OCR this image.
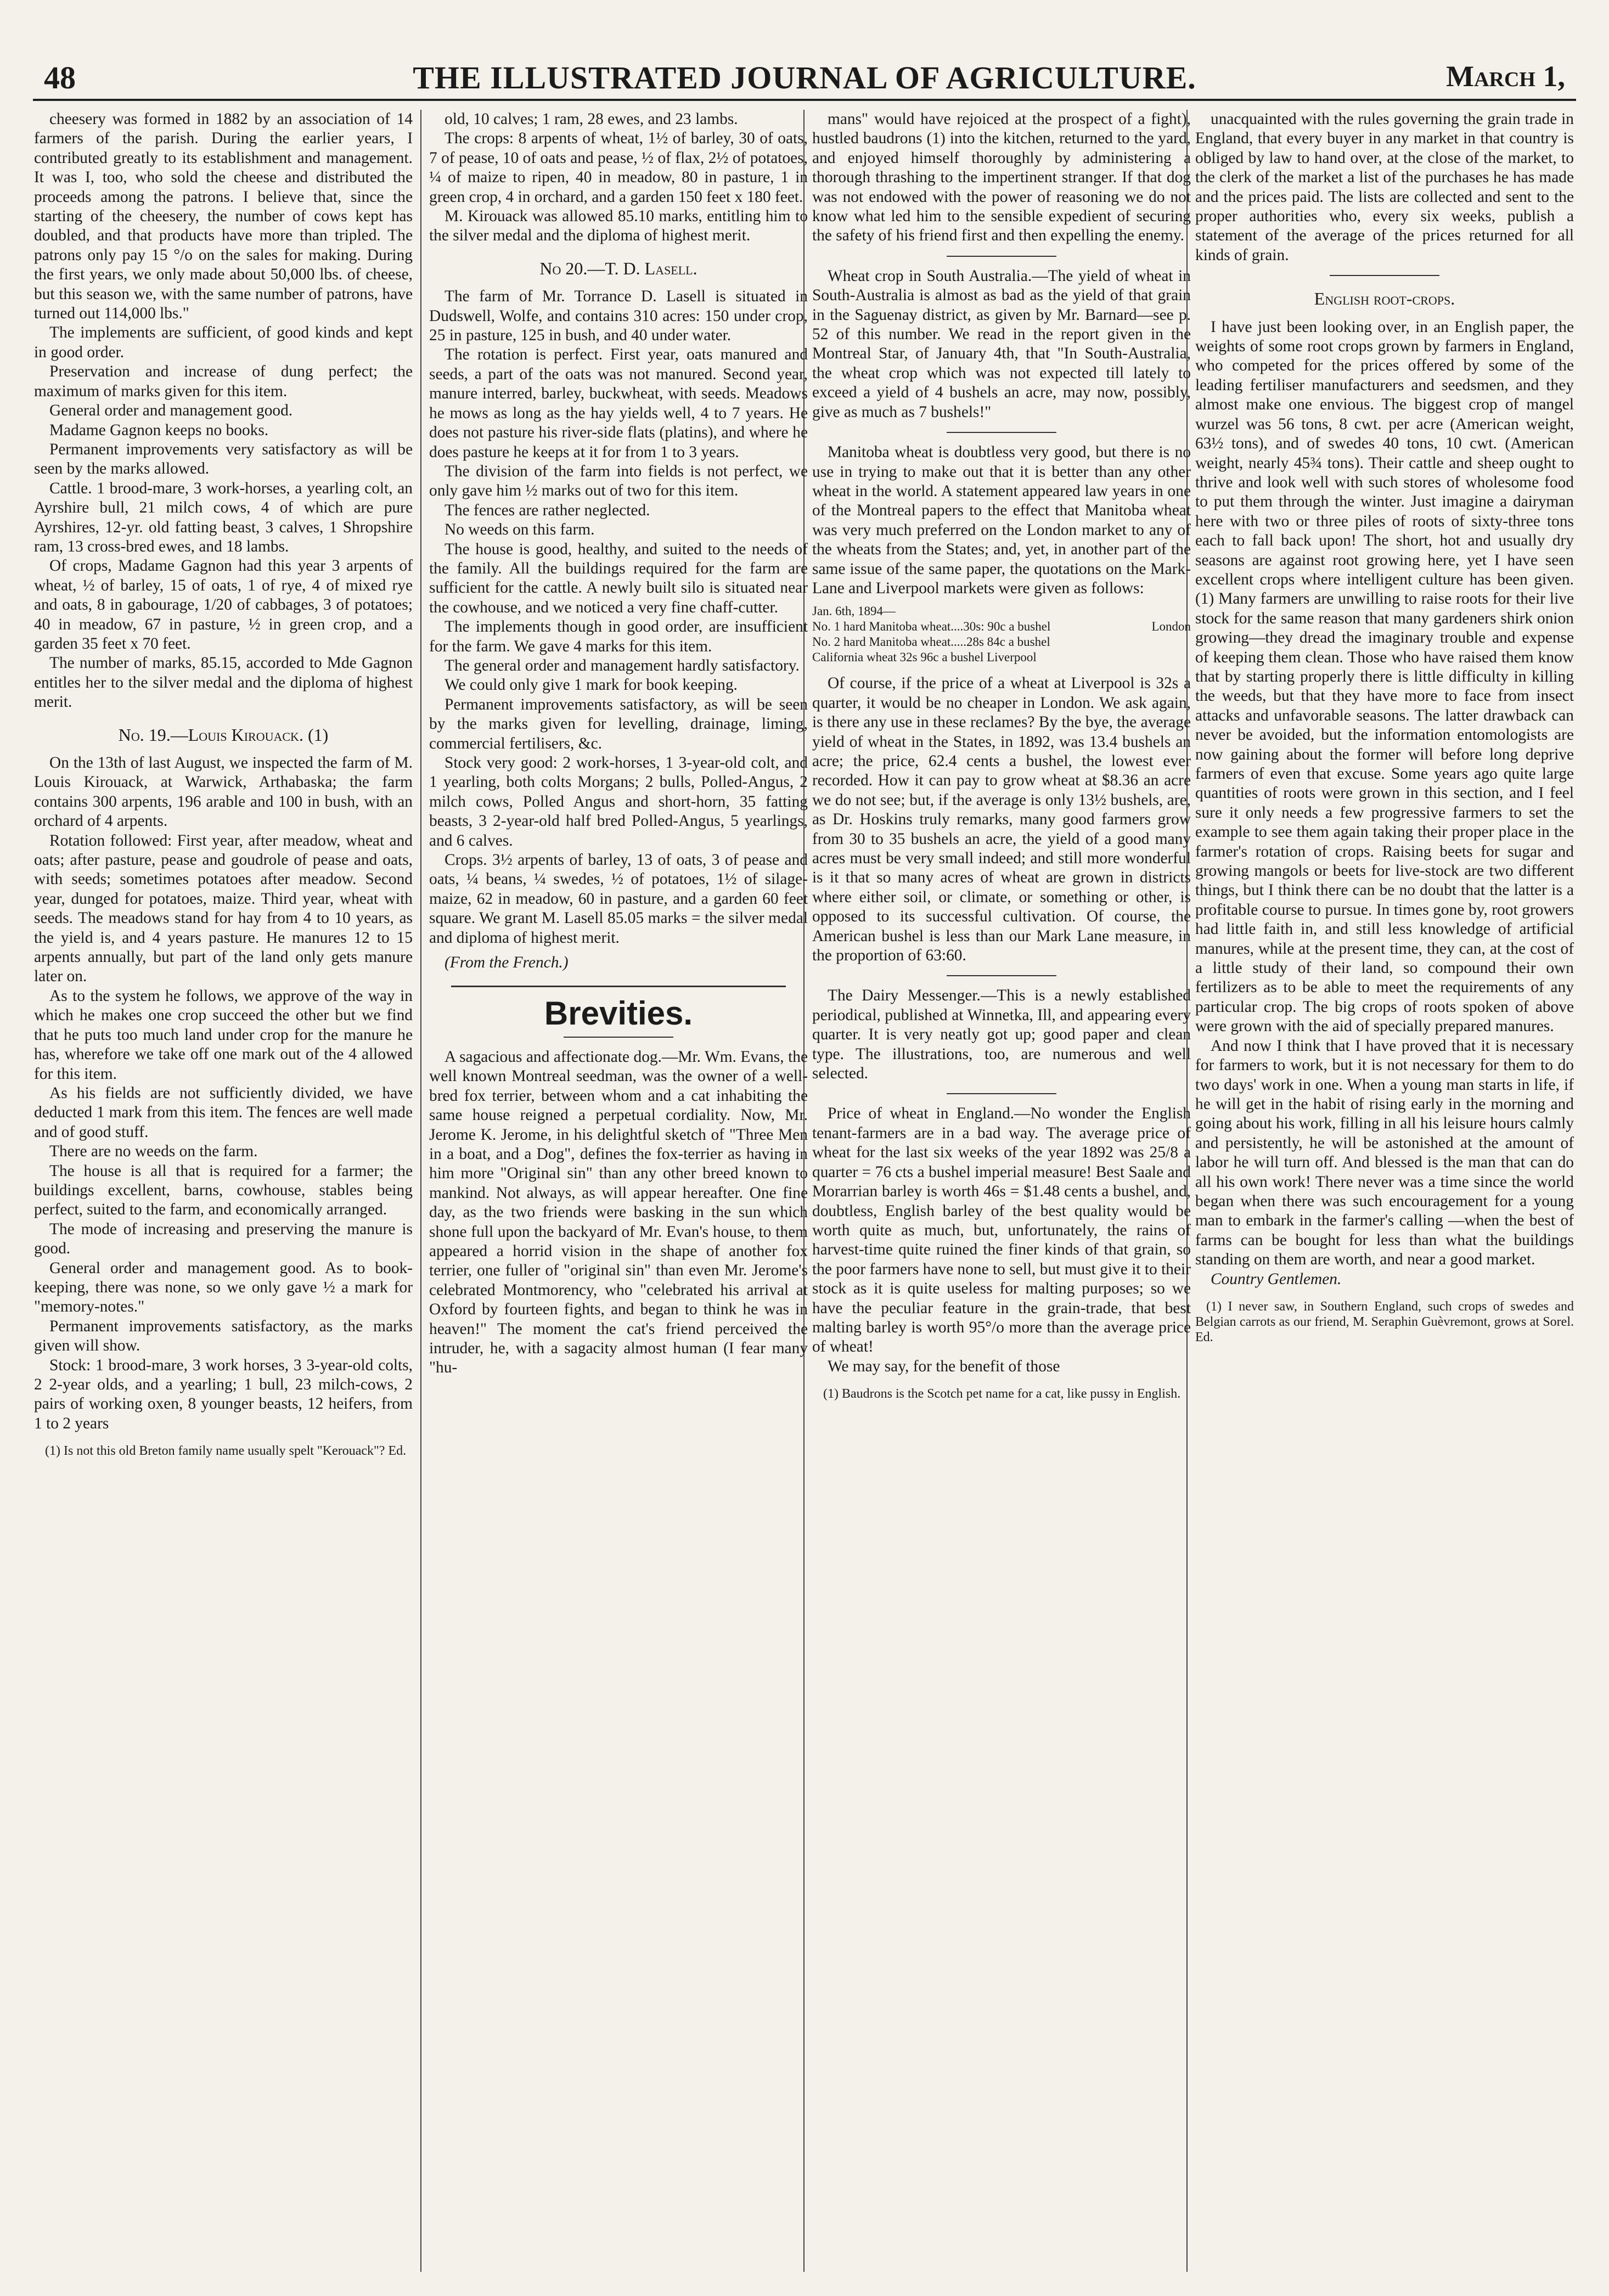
48	THE ILLUSTRATED JOURNAL OF AGRICULTURE.	March 1,

cheesery was formed in 1882 by an association of 14 farmers of the parish. During the earlier years, I contributed greatly to its establishment and management. It was I, too, who sold the cheese and distributed the proceeds among the patrons. I believe that, since the starting of the cheesery, the number of cows kept has doubled, and that products have more than tripled. The patrons only pay 15 °/o on the sales for making. During the first years, we only made about 50,000 lbs. of cheese, but this season we, with the same number of patrons, have turned out 114,000 lbs."

The implements are sufficient, of good kinds and kept in good order.

Preservation and increase of dung perfect; the maximum of marks given for this item.

General order and management good.

Madame Gagnon keeps no books.

Permanent improvements very satisfactory as will be seen by the marks allowed.

Cattle. 1 brood-mare, 3 work-horses, a yearling colt, an Ayrshire bull, 21 milch cows, 4 of which are pure Ayrshires, 12-yr. old fatting beast, 3 calves, 1 Shropshire ram, 13 cross-bred ewes, and 18 lambs.

Of crops, Madame Gagnon had this year 3 arpents of wheat, ½ of barley, 15 of oats, 1 of rye, 4 of mixed rye and oats, 8 in gabourage, 1/20 of cabbages, 3 of potatoes; 40 in meadow, 67 in pasture, ½ in green crop, and a garden 35 feet x 70 feet.

The number of marks, 85.15, accorded to Mde Gagnon entitles her to the silver medal and the diploma of highest merit.

No. 19.—Louis Kirouack. (1)

On the 13th of last August, we inspected the farm of M. Louis Kirouack, at Warwick, Arthabaska; the farm contains 300 arpents, 196 arable and 100 in bush, with an orchard of 4 arpents.

Rotation followed: First year, after meadow, wheat and oats; after pasture, pease and goudrole of pease and oats, with seeds; sometimes potatoes after meadow. Second year, dunged for potatoes, maize. Third year, wheat with seeds. The meadows stand for hay from 4 to 10 years, as the yield is, and 4 years pasture. He manures 12 to 15 arpents annually, but part of the land only gets manure later on.

As to the system he follows, we approve of the way in which he makes one crop succeed the other but we find that he puts too much land under crop for the manure he has, wherefore we take off one mark out of the 4 allowed for this item.

As his fields are not sufficiently divided, we have deducted 1 mark from this item. The fences are well made and of good stuff.

There are no weeds on the farm.

The house is all that is required for a farmer; the buildings excellent, barns, cowhouse, stables being perfect, suited to the farm, and economically arranged.

The mode of increasing and preserving the manure is good.

General order and management good. As to book-keeping, there was none, so we only gave ½ a mark for "memory-notes."

Permanent improvements satisfactory, as the marks given will show.

Stock: 1 brood-mare, 3 work horses, 3 3-year-old colts, 2 2-year olds, and a yearling; 1 bull, 23 milch-cows, 2 pairs of working oxen, 8 younger beasts, 12 heifers, from 1 to 2 years

(1) Is not this old Breton family name usually spelt "Kerouack"? Ed.

old, 10 calves; 1 ram, 28 ewes, and 23 lambs.

The crops: 8 arpents of wheat, 1½ of barley, 30 of oats, 7 of pease, 10 of oats and pease, ½ of flax, 2½ of potatoes, ¼ of maize to ripen, 40 in meadow, 80 in pasture, 1 in green crop, 4 in orchard, and a garden 150 feet x 180 feet.

M. Kirouack was allowed 85.10 marks, entitling him to the silver medal and the diploma of highest merit.

No 20.—T. D. Lasell.

The farm of Mr. Torrance D. Lasell is situated in Dudswell, Wolfe, and contains 310 acres: 150 under crop, 25 in pasture, 125 in bush, and 40 under water.

The rotation is perfect. First year, oats manured and seeds, a part of the oats was not manured. Second year, manure interred, barley, buckwheat, with seeds. Meadows he mows as long as the hay yields well, 4 to 7 years. He does not pasture his river-side flats (platins), and where he does pasture he keeps at it for from 1 to 3 years.

The division of the farm into fields is not perfect, we only gave him ½ marks out of two for this item.

The fences are rather neglected.

No weeds on this farm.

The house is good, healthy, and suited to the needs of the family. All the buildings required for the farm are sufficient for the cattle. A newly built silo is situated near the cowhouse, and we noticed a very fine chaff-cutter.

The implements though in good order, are insufficient for the farm. We gave 4 marks for this item.

The general order and management hardly satisfactory.

We could only give 1 mark for book keeping.

Permanent improvements satisfactory, as will be seen by the marks given for levelling, drainage, liming, commercial fertilisers, &c.

Stock very good: 2 work-horses, 1 3-year-old colt, and 1 yearling, both colts Morgans; 2 bulls, Polled-Angus, 2 milch cows, Polled Angus and short-horn, 35 fatting beasts, 3 2-year-old half bred Polled-Angus, 5 yearlings, and 6 calves.

Crops. 3½ arpents of barley, 13 of oats, 3 of pease and oats, ¼ beans, ¼ swedes, ½ of potatoes, 1½ of silage-maize, 62 in meadow, 60 in pasture, and a garden 60 feet square. We grant M. Lasell 85.05 marks = the silver medal and diploma of highest merit.

(From the French.)

Brevities.

A sagacious and affectionate dog.—Mr. Wm. Evans, the well known Montreal seedman, was the owner of a well-bred fox terrier, between whom and a cat inhabiting the same house reigned a perpetual cordiality. Now, Mr. Jerome K. Jerome, in his delightful sketch of "Three Men in a boat, and a Dog", defines the fox-terrier as having in him more "Original sin" than any other breed known to mankind. Not always, as will appear hereafter. One fine day, as the two friends were basking in the sun which shone full upon the backyard of Mr. Evan's house, to them appeared a horrid vision in the shape of another fox terrier, one fuller of "original sin" than even Mr. Jerome's celebrated Montmorency, who "celebrated his arrival at Oxford by fourteen fights, and began to think he was in heaven!" The moment the cat's friend perceived the intruder, he, with a sagacity almost human (I fear many "hu-

mans" would have rejoiced at the prospect of a fight), hustled baudrons (1) into the kitchen, returned to the yard, and enjoyed himself thoroughly by administering a thorough thrashing to the impertinent stranger. If that dog was not endowed with the power of reasoning we do not know what led him to the sensible expedient of securing the safety of his friend first and then expelling the enemy.

Wheat crop in South Australia.—The yield of wheat in South-Australia is almost as bad as the yield of that grain in the Saguenay district, as given by Mr. Barnard—see p. 52 of this number. We read in the report given in the Montreal Star, of January 4th, that "In South-Australia, the wheat crop which was not expected till lately to exceed a yield of 4 bushels an acre, may now, possibly, give as much as 7 bushels!"

Manitoba wheat is doubtless very good, but there is no use in trying to make out that it is better than any other wheat in the world. A statement appeared law years in one of the Montreal papers to the effect that Manitoba wheat was very much preferred on the London market to any of the wheats from the States; and, yet, in another part of the same issue of the same paper, the quotations on the Mark-Lane and Liverpool markets were given as follows:

Jan. 6th, 1894—
No. 1 hard Manitoba wheat....30s: 90c a bushel	London
No. 2 hard Manitoba wheat.....28s 84c a bushel
California wheat 32s 96c a bushel Liverpool

Of course, if the price of a wheat at Liverpool is 32s a quarter, it would be no cheaper in London. We ask again, is there any use in these reclames? By the bye, the average yield of wheat in the States, in 1892, was 13.4 bushels an acre; the price, 62.4 cents a bushel, the lowest ever recorded. How it can pay to grow wheat at $8.36 an acre we do not see; but, if the average is only 13½ bushels, are, as Dr. Hoskins truly remarks, many good farmers grow from 30 to 35 bushels an acre, the yield of a good many acres must be very small indeed; and still more wonderful is it that so many acres of wheat are grown in districts where either soil, or climate, or something or other, is opposed to its successful cultivation. Of course, the American bushel is less than our Mark Lane measure, in the proportion of 63:60.

The Dairy Messenger.—This is a newly established periodical, published at Winnetka, Ill, and appearing every quarter. It is very neatly got up; good paper and clean type. The illustrations, too, are numerous and well selected.

Price of wheat in England.—No wonder the English tenant-farmers are in a bad way. The average price of wheat for the last six weeks of the year 1892 was 25/8 a quarter = 76 cts a bushel imperial measure! Best Saale and Morarrian barley is worth 46s = $1.48 cents a bushel, and, doubtless, English barley of the best quality would be worth quite as much, but, unfortunately, the rains of harvest-time quite ruined the finer kinds of that grain, so the poor farmers have none to sell, but must give it to their stock as it is quite useless for malting purposes; so we have the peculiar feature in the grain-trade, that best malting barley is worth 95°/o more than the average price of wheat!

We may say, for the benefit of those

(1) Baudrons is the Scotch pet name for a cat, like pussy in English.

unacquainted with the rules governing the grain trade in England, that every buyer in any market in that country is obliged by law to hand over, at the close of the market, to the clerk of the market a list of the purchases he has made and the prices paid. The lists are collected and sent to the proper authorities who, every six weeks, publish a statement of the average of the prices returned for all kinds of grain.

English root-crops.

I have just been looking over, in an English paper, the weights of some root crops grown by farmers in England, who competed for the prices offered by some of the leading fertiliser manufacturers and seedsmen, and they almost make one envious. The biggest crop of mangel wurzel was 56 tons, 8 cwt. per acre (American weight, 63½ tons), and of swedes 40 tons, 10 cwt. (American weight, nearly 45¾ tons). Their cattle and sheep ought to thrive and look well with such stores of wholesome food to put them through the winter. Just imagine a dairyman here with two or three piles of roots of sixty-three tons each to fall back upon! The short, hot and usually dry seasons are against root growing here, yet I have seen excellent crops where intelligent culture has been given. (1) Many farmers are unwilling to raise roots for their live stock for the same reason that many gardeners shirk onion growing—they dread the imaginary trouble and expense of keeping them clean. Those who have raised them know that by starting properly there is little difficulty in killing the weeds, but that they have more to face from insect attacks and unfavorable seasons. The latter drawback can never be avoided, but the information entomologists are now gaining about the former will before long deprive farmers of even that excuse. Some years ago quite large quantities of roots were grown in this section, and I feel sure it only needs a few progressive farmers to set the example to see them again taking their proper place in the farmer's rotation of crops. Raising beets for sugar and growing mangols or beets for live-stock are two different things, but I think there can be no doubt that the latter is a profitable course to pursue. In times gone by, root growers had little faith in, and still less knowledge of artificial manures, while at the present time, they can, at the cost of a little study of their land, so compound their own fertilizers as to be able to meet the requirements of any particular crop. The big crops of roots spoken of above were grown with the aid of specially prepared manures.

And now I think that I have proved that it is necessary for farmers to work, but it is not necessary for them to do two days' work in one. When a young man starts in life, if he will get in the habit of rising early in the morning and going about his work, filling in all his leisure hours calmly and persistently, he will be astonished at the amount of labor he will turn off. And blessed is the man that can do all his own work! There never was a time since the world began when there was such encouragement for a young man to embark in the farmer's calling —when the best of farms can be bought for less than what the buildings standing on them are worth, and near a good market.

Country Gentlemen.

(1) I never saw, in Southern England, such crops of swedes and Belgian carrots as our friend, M. Seraphin Guèvremont, grows at Sorel. Ed.
